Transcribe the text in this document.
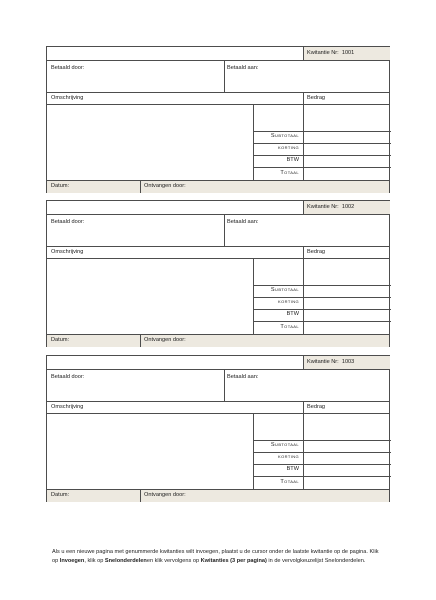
Kwitantie Nr: 1001
Betaald door:	Betaald aan:
Omschrijving	Bedrag
Subtotaal
korting
BTW
Totaal
Datum:	Ontvangen door:
Kwitantie Nr: 1002
Betaald door:	Betaald aan:
Omschrijving	Bedrag
Subtotaal
korting
BTW
Totaal
Datum:	Ontvangen door:
Kwitantie Nr: 1003
Betaald door:	Betaald aan:
Omschrijving	Bedrag
Subtotaal
korting
BTW
Totaal
Datum:	Ontvangen door:
Als u een nieuwe pagina met genummerde kwitanties wilt invoegen, plaatst u de cursor onder de laatste kwitantie op de pagina. Klik op Invoegen, klik op Snelonderdelenen klik vervolgens op Kwitanties (3 per pagina) in de vervolgkeuzelijst Snelonderdelen.
